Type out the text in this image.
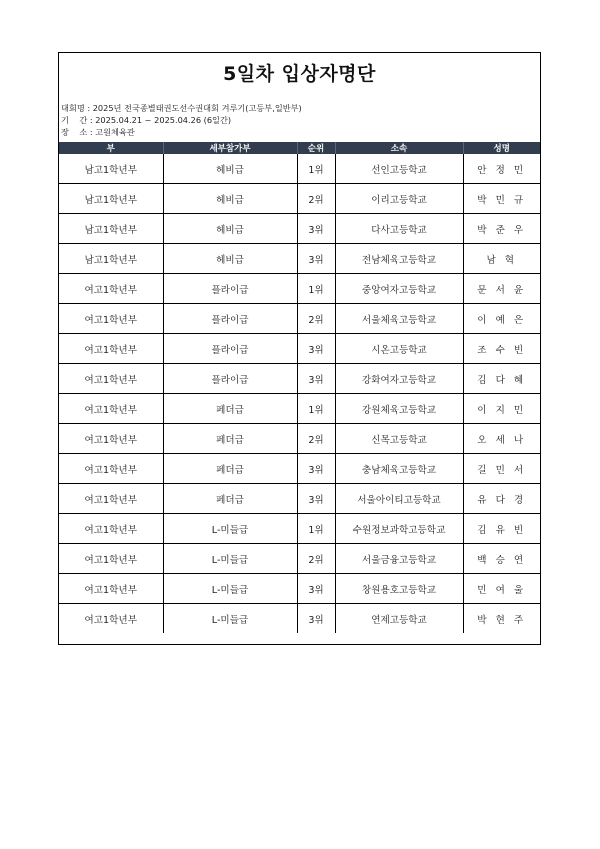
5일차 입상자명단
대회명 : 2025년 전국종별태권도선수권대회 겨루기(고등부,일반부)
기    간 : 2025.04.21 ~ 2025.04.26 (6일간)
장    소 : 고원체육관
부	세부참가부	순위	소속	성명
남고1학년부	헤비급	1위	선인고등학교	안 정 민
남고1학년부	헤비급	2위	이리고등학교	박 민 규
남고1학년부	헤비급	3위	다사고등학교	박 준 우
남고1학년부	헤비급	3위	전남체육고등학교	남 혁
여고1학년부	플라이급	1위	중앙여자고등학교	문 서 윤
여고1학년부	플라이급	2위	서울체육고등학교	이 예 은
여고1학년부	플라이급	3위	시온고등학교	조 수 빈
여고1학년부	플라이급	3위	강화여자고등학교	김 다 혜
여고1학년부	페더급	1위	강원체육고등학교	이 지 민
여고1학년부	페더급	2위	신목고등학교	오 세 나
여고1학년부	페더급	3위	충남체육고등학교	길 민 서
여고1학년부	페더급	3위	서울아이티고등학교	유 다 경
여고1학년부	L-미들급	1위	수원정보과학고등학교	김 유 빈
여고1학년부	L-미들급	2위	서울금융고등학교	백 승 연
여고1학년부	L-미들급	3위	창원용호고등학교	민 여 울
여고1학년부	L-미들급	3위	연제고등학교	박 현 주
